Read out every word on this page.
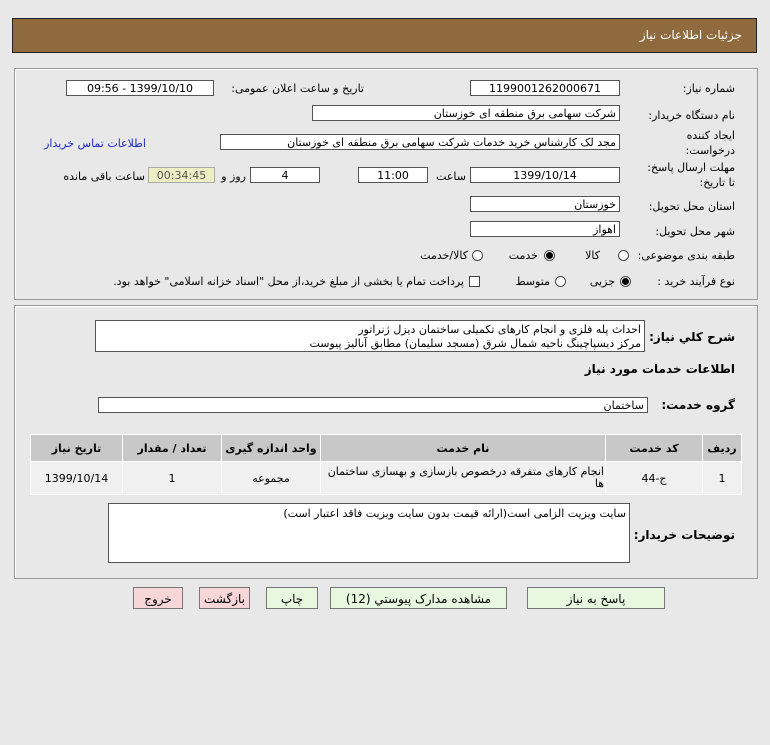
جزئیات اطلاعات نیاز
شماره نیاز:
1199001262000671
تاریخ و ساعت اعلان عمومی:
1399/10/10 - 09:56
نام دستگاه خریدار:
شرکت سهامی برق منطقه ای خوزستان
ایجاد کننده
درخواست:
مجد لک کارشناس خرید خدمات شرکت سهامی برق منطقه ای خوزستان
اطلاعات تماس خریدار
مهلت ارسال پاسخ:
تا تاریخ:
1399/10/14
ساعت
11:00
4
روز و
00:34:45
ساعت باقی مانده
استان محل تحویل:
خوزستان
شهر محل تحویل:
اهواز
طبقه بندی موضوعی:
کالا
خدمت
کالا/خدمت
نوع فرآیند خرید :
جزیی
متوسط
پرداخت تمام یا بخشی از مبلغ خرید،از محل "اسناد خزانه اسلامی" خواهد بود.
شرح کلي نیاز:
احداث پله فلزی و انجام کارهای تکمیلی ساختمان دیزل ژنراتور
مرکز دیسپاچینگ ناحیه شمال شرق (مسجد سلیمان) مطابق آنالیز پیوست
اطلاعات خدمات مورد نیاز
گروه خدمت:
ساختمان
ردیف	کد خدمت	نام خدمت	واحد اندازه گیری	تعداد / مقدار	تاریخ نیاز
1	ج-44	انجام کارهای متفرقه درخصوص بازسازی و بهسازی ساختمان ها	مجموعه	1	1399/10/14
توضیحات خریدار:
سایت ویزیت الزامی است(ارائه قیمت بدون سایت ویزیت فاقد اعتبار است)
پاسخ به نیاز
مشاهده مدارک پیوستي (12)
چاپ
بازگشت
خروج
